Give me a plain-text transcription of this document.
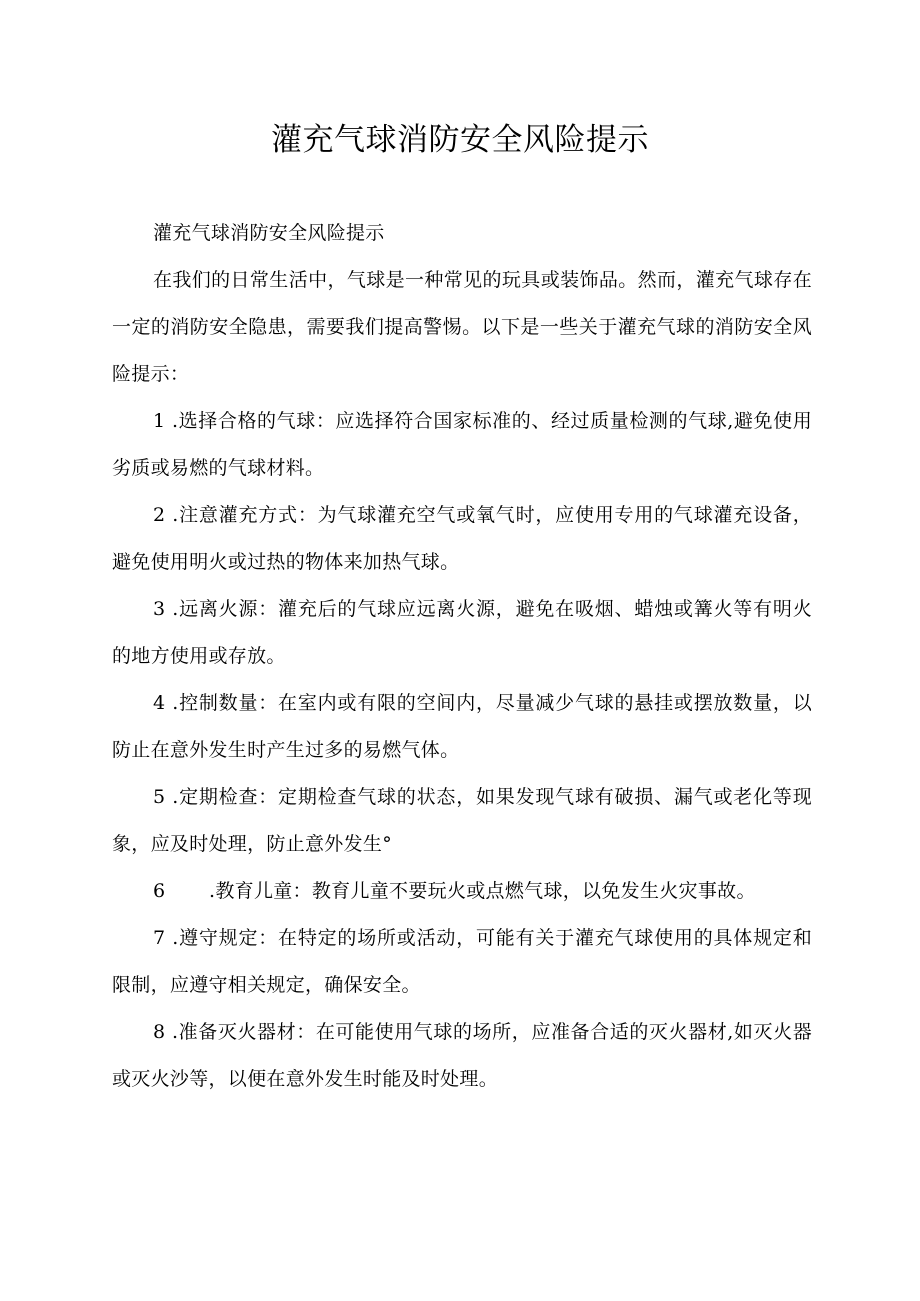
灌充气球消防安全风险提示

灌充气球消防安全风险提示

在我们的日常生活中，气球是一种常见的玩具或装饰品。然而，灌充气球存在一定的消防安全隐患，需要我们提高警惕。以下是一些关于灌充气球的消防安全风险提示：

1 .选择合格的气球：应选择符合国家标准的、经过质量检测的气球,避免使用劣质或易燃的气球材料。

2 .注意灌充方式：为气球灌充空气或氧气时，应使用专用的气球灌充设备，避免使用明火或过热的物体来加热气球。

3 .远离火源：灌充后的气球应远离火源，避免在吸烟、蜡烛或篝火等有明火的地方使用或存放。

4 .控制数量：在室内或有限的空间内，尽量减少气球的悬挂或摆放数量，以防止在意外发生时产生过多的易燃气体。

5 .定期检查：定期检查气球的状态，如果发现气球有破损、漏气或老化等现象，应及时处理，防止意外发生°

6 .教育儿童：教育儿童不要玩火或点燃气球，以免发生火灾事故。

7 .遵守规定：在特定的场所或活动，可能有关于灌充气球使用的具体规定和限制，应遵守相关规定，确保安全。

8 .准备灭火器材：在可能使用气球的场所，应准备合适的灭火器材,如灭火器或灭火沙等，以便在意外发生时能及时处理。
